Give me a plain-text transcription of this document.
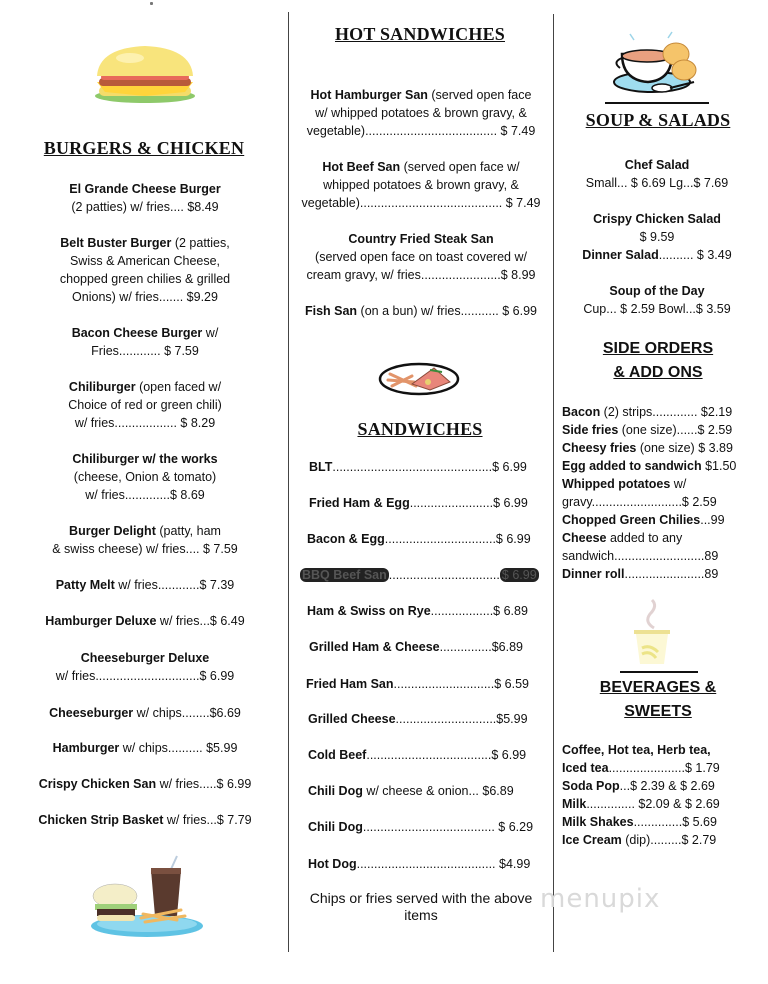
BURGERS & CHICKEN
El Grande Cheese Burger
(2 patties) w/ fries.... $8.49
Belt Buster Burger (2 patties,
Swiss & American Cheese,
chopped green chilies & grilled
Onions) w/ fries....... $9.29
Bacon Cheese Burger w/
Fries............ $ 7.59
Chiliburger (open faced w/
Choice of red or green chili)
w/ fries.................. $ 8.29
Chiliburger w/ the works
(cheese, Onion & tomato)
w/ fries.............$ 8.69
Burger Delight (patty, ham
& swiss cheese) w/ fries.... $ 7.59
Patty Melt w/ fries............$ 7.39
Hamburger Deluxe w/ fries...$ 6.49
Cheeseburger Deluxe
w/ fries..............................$ 6.99
Cheeseburger w/ chips........$6.69
Hamburger w/ chips.......... $5.99
Crispy Chicken San w/ fries.....$ 6.99
Chicken Strip Basket w/ fries...$ 7.79
HOT SANDWICHES
Hot Hamburger San (served open face
w/ whipped potatoes & brown gravy, &
vegetable)...................................... $ 7.49
Hot Beef San (served open face w/
whipped potatoes & brown gravy, &
vegetable)......................................... $ 7.49
Country Fried Steak San
(served open face on toast covered w/
cream gravy, w/ fries.......................$ 8.99
Fish San (on a bun) w/ fries........... $ 6.99
SANDWICHES
BLT..............................................$ 6.99
Fried Ham & Egg........................$ 6.99
Bacon & Egg................................$ 6.99
BBQ Beef San ................................ $ 6.99
Ham & Swiss on Rye..................$ 6.89
Grilled Ham & Cheese...............$6.89
Fried Ham San.............................$ 6.59
Grilled Cheese.............................$5.99
Cold Beef....................................$ 6.99
Chili Dog w/ cheese & onion... $6.89
Chili Dog...................................... $ 6.29
Hot Dog........................................ $4.99
Chips or fries served with the above items
SOUP & SALADS
Chef Salad
Small... $ 6.69 Lg...$ 7.69
Crispy Chicken Salad
$ 9.59
Dinner Salad.......... $ 3.49
Soup of the Day
Cup... $ 2.59 Bowl...$ 3.59
SIDE ORDERS
& ADD ONS
Bacon (2) strips............. $2.19
Side fries (one size)......$ 2.59
Cheesy fries (one size) $ 3.89
Egg added to sandwich $1.50
Whipped potatoes w/
gravy..........................$ 2.59
Chopped Green Chilies...99
Cheese added to any
sandwich..........................89
Dinner roll.......................89
BEVERAGES &
SWEETS
Coffee, Hot tea, Herb tea,
Iced tea......................$ 1.79
Soda Pop...$ 2.39 & $ 2.69
Milk.............. $2.09 & $ 2.69
Milk Shakes..............$ 5.69
Ice Cream (dip).........$ 2.79
menupix
